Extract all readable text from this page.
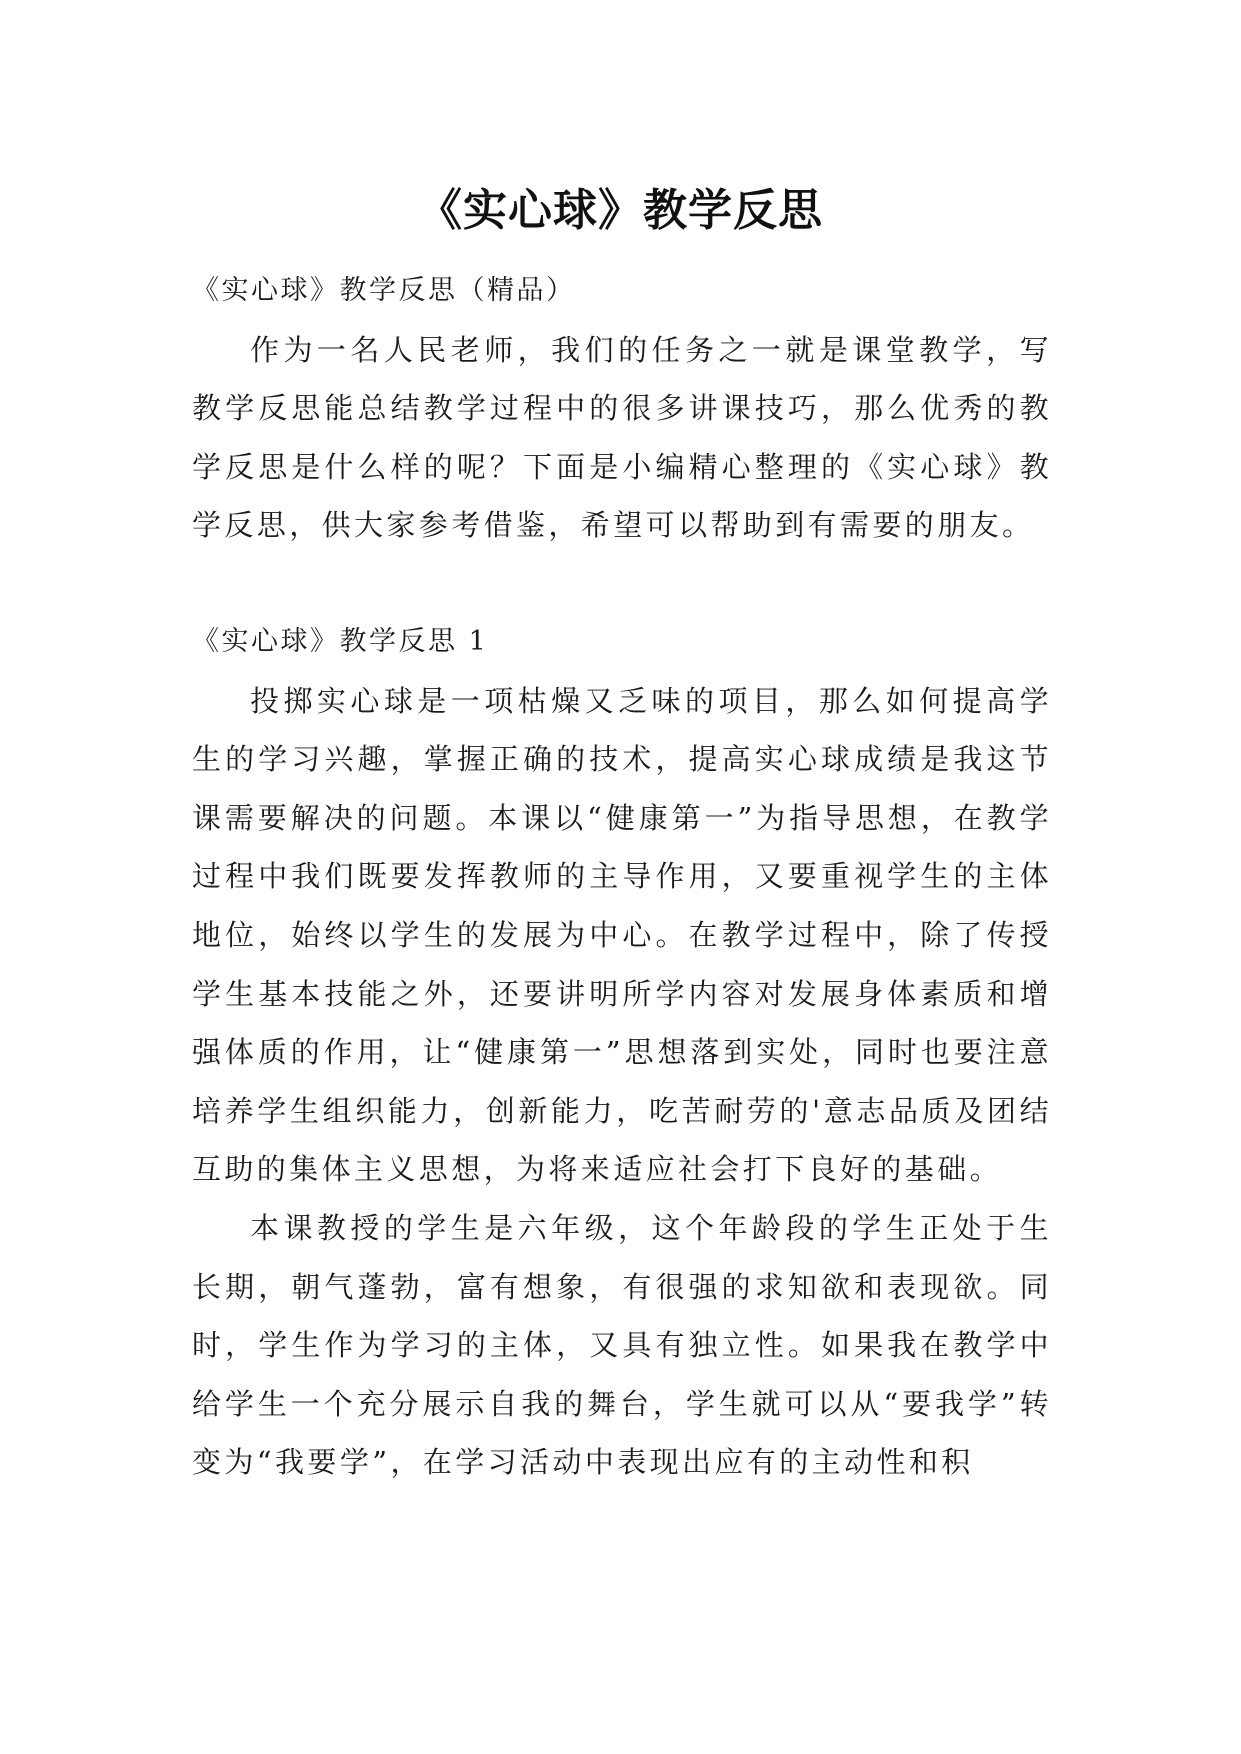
《实心球》教学反思

《实心球》教学反思（精品）

作为一名人民老师，我们的任务之一就是课堂教学，写教学反思能总结教学过程中的很多讲课技巧，那么优秀的教学反思是什么样的呢？下面是小编精心整理的《实心球》教学反思，供大家参考借鉴，希望可以帮助到有需要的朋友。

《实心球》教学反思 1

投掷实心球是一项枯燥又乏味的项目，那么如何提高学生的学习兴趣，掌握正确的技术，提高实心球成绩是我这节课需要解决的问题。本课以“健康第一”为指导思想，在教学过程中我们既要发挥教师的主导作用，又要重视学生的主体地位，始终以学生的发展为中心。在教学过程中，除了传授学生基本技能之外，还要讲明所学内容对发展身体素质和增强体质的作用，让“健康第一”思想落到实处，同时也要注意培养学生组织能力，创新能力，吃苦耐劳的'意志品质及团结互助的集体主义思想，为将来适应社会打下良好的基础。

本课教授的学生是六年级，这个年龄段的学生正处于生长期，朝气蓬勃，富有想象，有很强的求知欲和表现欲。同时，学生作为学习的主体，又具有独立性。如果我在教学中给学生一个充分展示自我的舞台，学生就可以从“要我学”转变为“我要学”，在学习活动中表现出应有的主动性和积
